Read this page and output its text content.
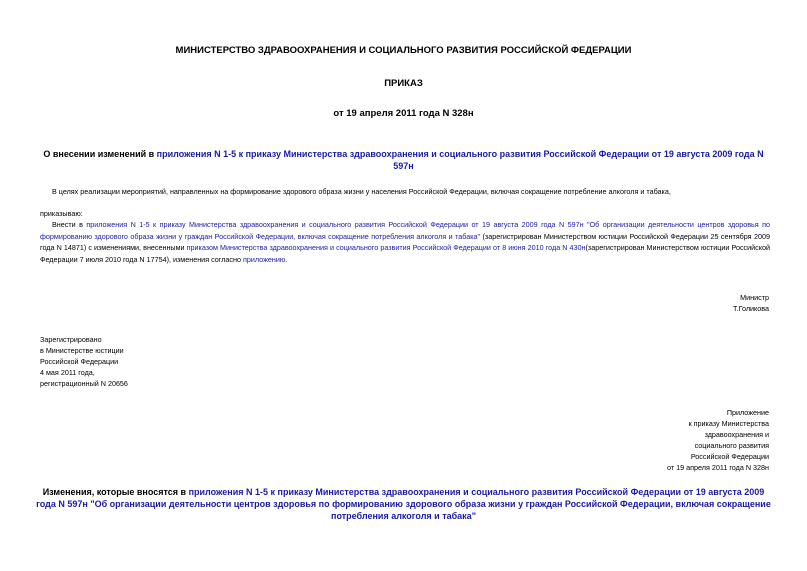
МИНИСТЕРСТВО ЗДРАВООХРАНЕНИЯ И СОЦИАЛЬНОГО РАЗВИТИЯ РОССИЙСКОЙ ФЕДЕРАЦИИ
ПРИКАЗ
от 19 апреля 2011 года N 328н
О внесении изменений в приложения N 1-5 к приказу Министерства здравоохранения и социального развития Российской Федерации от 19 августа 2009 года N 597н
В целях реализации мероприятий, направленных на формирование здорового образа жизни у населения Российской Федерации, включая сокращение потребление алкоголя и табака,
приказываю:
Внести в приложения N 1-5 к приказу Министерства здравоохранения и социального развития Российской Федерации от 19 августа 2009 года N 597н "Об организации деятельности центров здоровья по формированию здорового образа жизни у граждан Российской Федерации, включая сокращение потребления алкоголя и табака" (зарегистрирован Министерством юстиции Российской Федерации 25 сентября 2009 года N 14871) с изменениями, внесенными приказом Министерства здравоохранения и социального развития Российской Федерации от 8 июня 2010 года N 430н(зарегистрирован Министерством юстиции Российской Федерации 7 июля 2010 года N 17754), изменения согласно приложению.
Министр
Т.Голикова
Зарегистрировано
в Министерстве юстиции
Российской Федерации
4 мая 2011 года,
регистрационный N 20656
Приложение
к приказу Министерства
здравоохранения и
социального развития
Российской Федерации
от 19 апреля 2011 года N 328н
Изменения, которые вносятся в приложения N 1-5 к приказу Министерства здравоохранения и социального развития Российской Федерации от 19 августа 2009 года N 597н "Об организации деятельности центров здоровья по формированию здорового образа жизни у граждан Российской Федерации, включая сокращение потребления алкоголя и табака"
